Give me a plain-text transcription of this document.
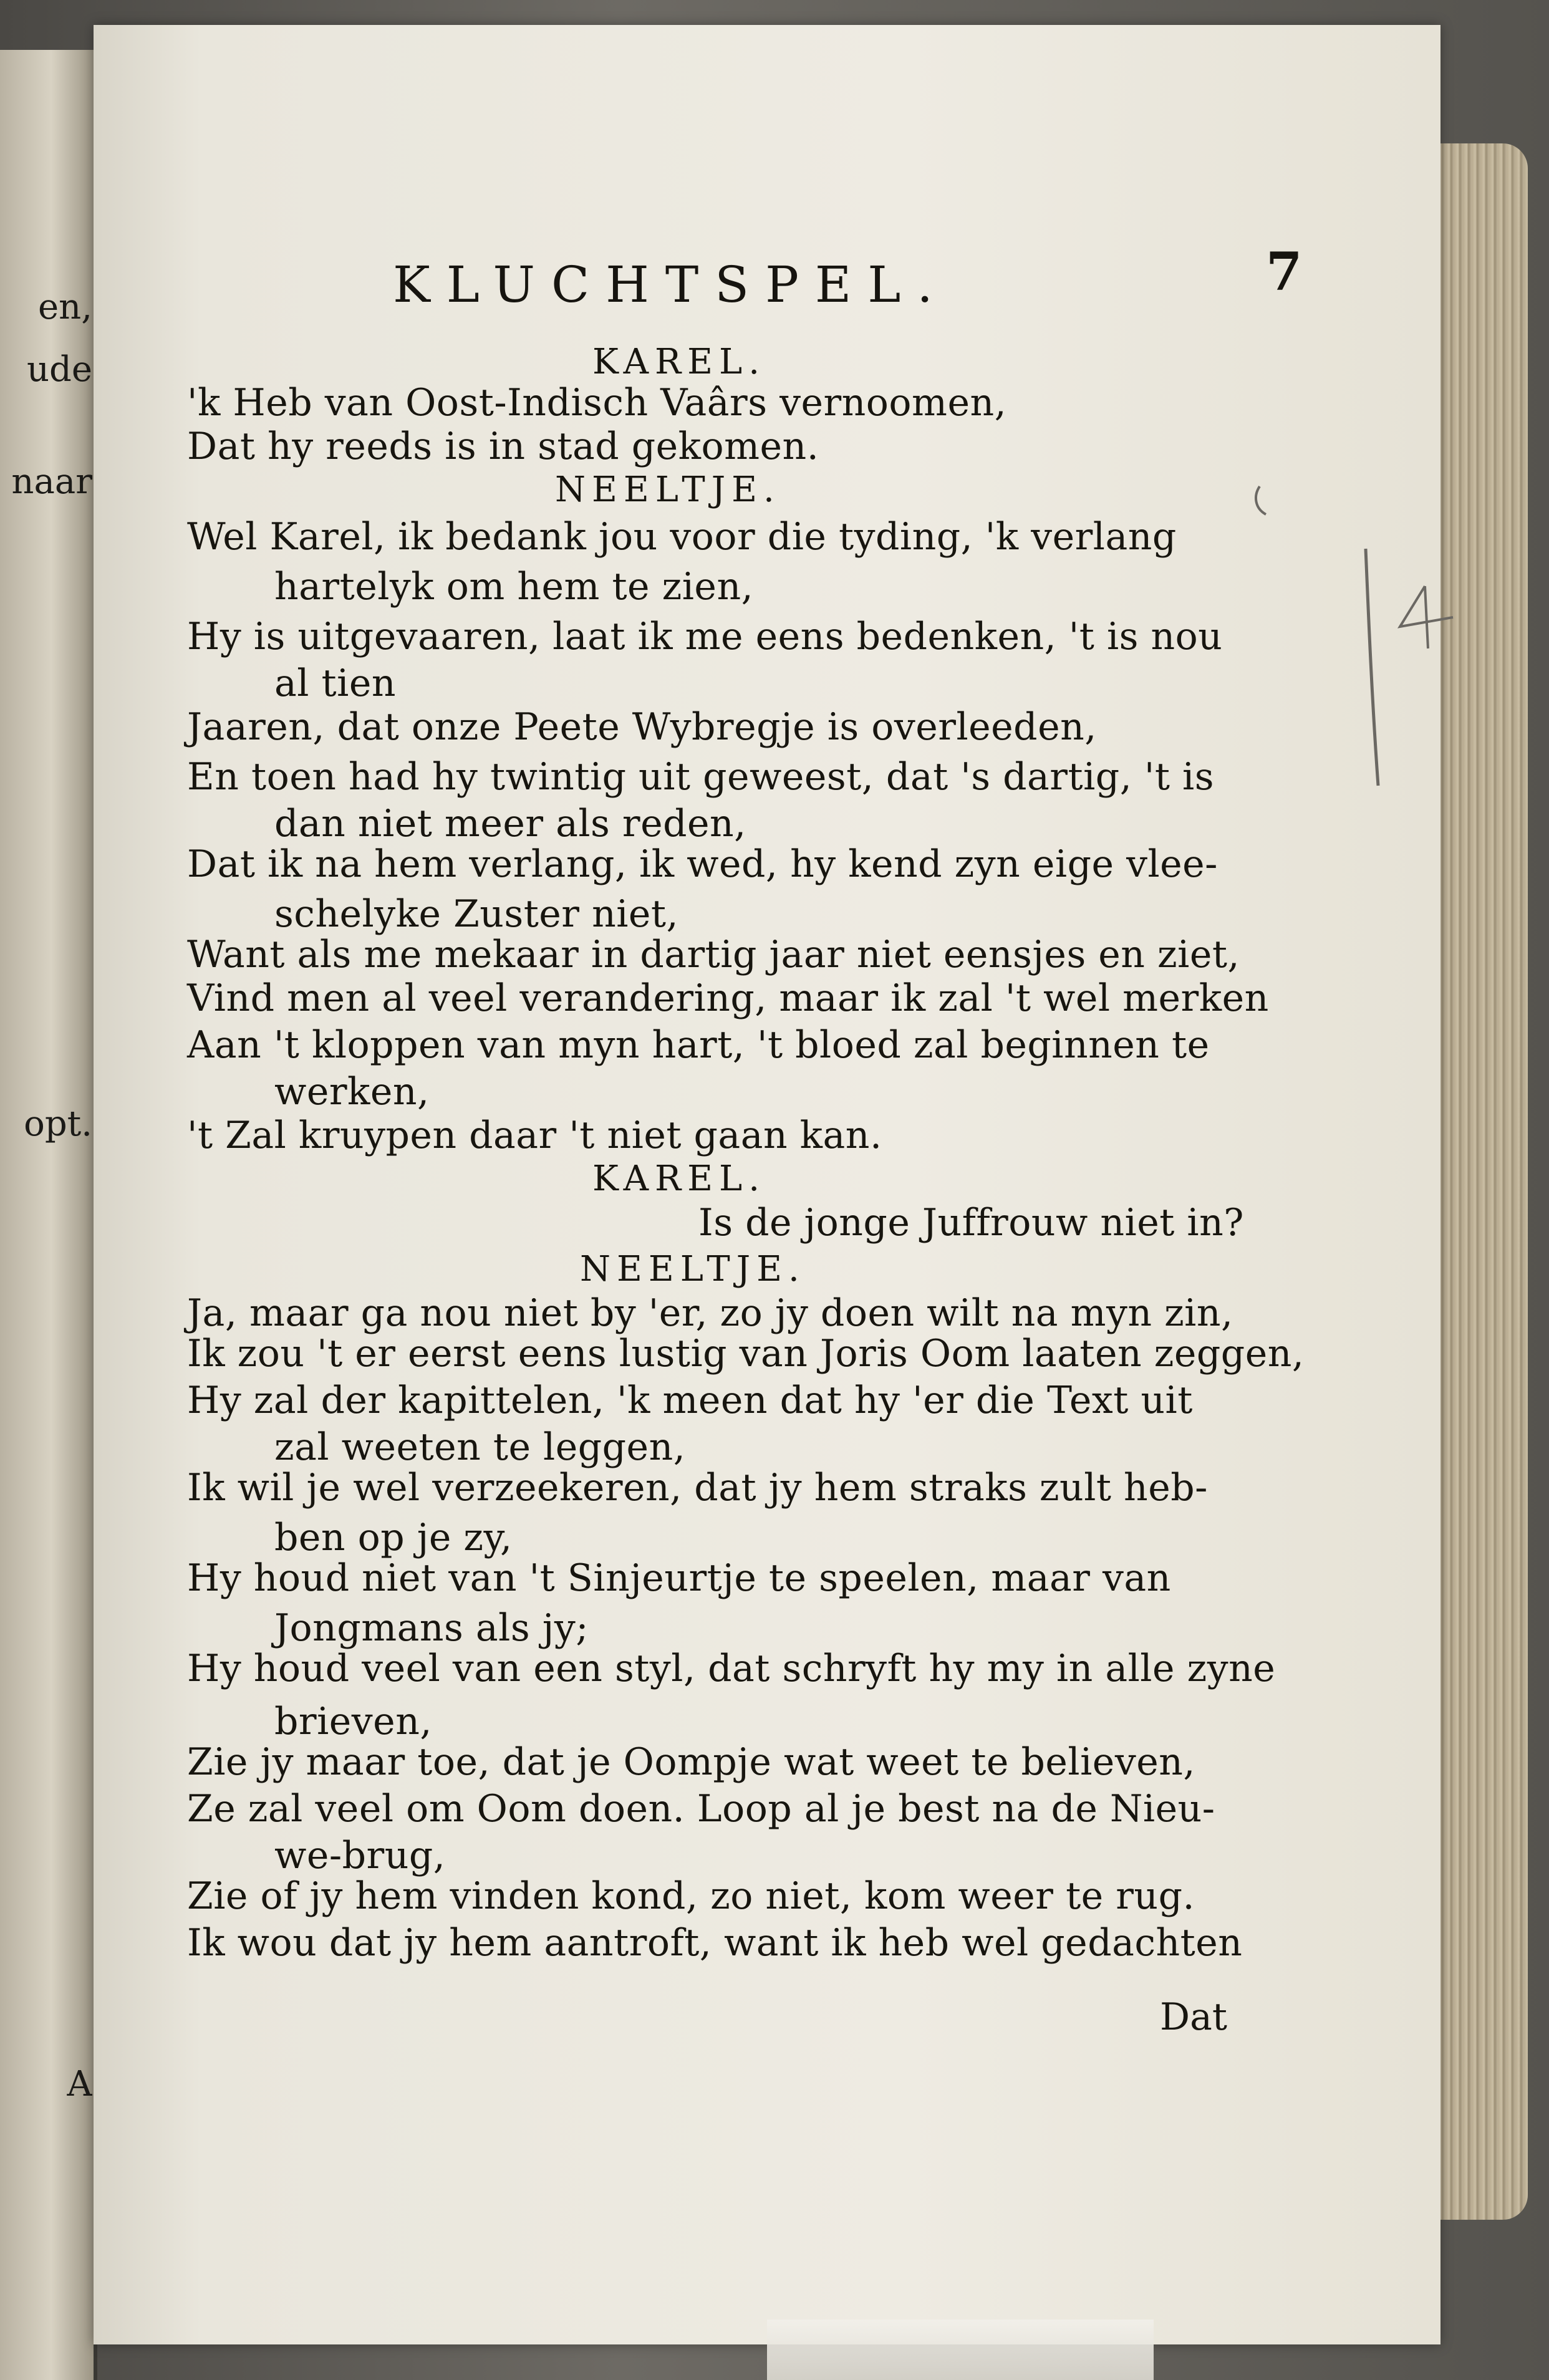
en,
ude
naar
opt.
A
KLUCHTSPEL.	7
KAREL.
'k Heb van Oost-Indisch Vaârs vernoomen,
Dat hy reeds is in stad gekomen.
NEELTJE.
Wel Karel, ik bedank jou voor die tyding, 'k verlang
hartelyk om hem te zien,
Hy is uitgevaaren, laat ik me eens bedenken, 't is nou
al tien
Jaaren, dat onze Peete Wybregje is overleeden,
En toen had hy twintig uit geweest, dat 's dartig, 't is
dan niet meer als reden,
Dat ik na hem verlang, ik wed, hy kend zyn eige vlee-
schelyke Zuster niet,
Want als me mekaar in dartig jaar niet eensjes en ziet,
Vind men al veel verandering, maar ik zal 't wel merken
Aan 't kloppen van myn hart, 't bloed zal beginnen te
werken,
't Zal kruypen daar 't niet gaan kan.
KAREL.
Is de jonge Juffrouw niet in?
NEELTJE.
Ja, maar ga nou niet by 'er, zo jy doen wilt na myn zin,
Ik zou 't er eerst eens lustig van Joris Oom laaten zeggen,
Hy zal der kapittelen, 'k meen dat hy 'er die Text uit
zal weeten te leggen,
Ik wil je wel verzeekeren, dat jy hem straks zult heb-
ben op je zy,
Hy houd niet van 't Sinjeurtje te speelen, maar van
Jongmans als jy;
Hy houd veel van een styl, dat schryft hy my in alle zyne
brieven,
Zie jy maar toe, dat je Oompje wat weet te believen,
Ze zal veel om Oom doen. Loop al je best na de Nieu-
we-brug,
Zie of jy hem vinden kond, zo niet, kom weer te rug.
Ik wou dat jy hem aantroft, want ik heb wel gedachten
Dat
